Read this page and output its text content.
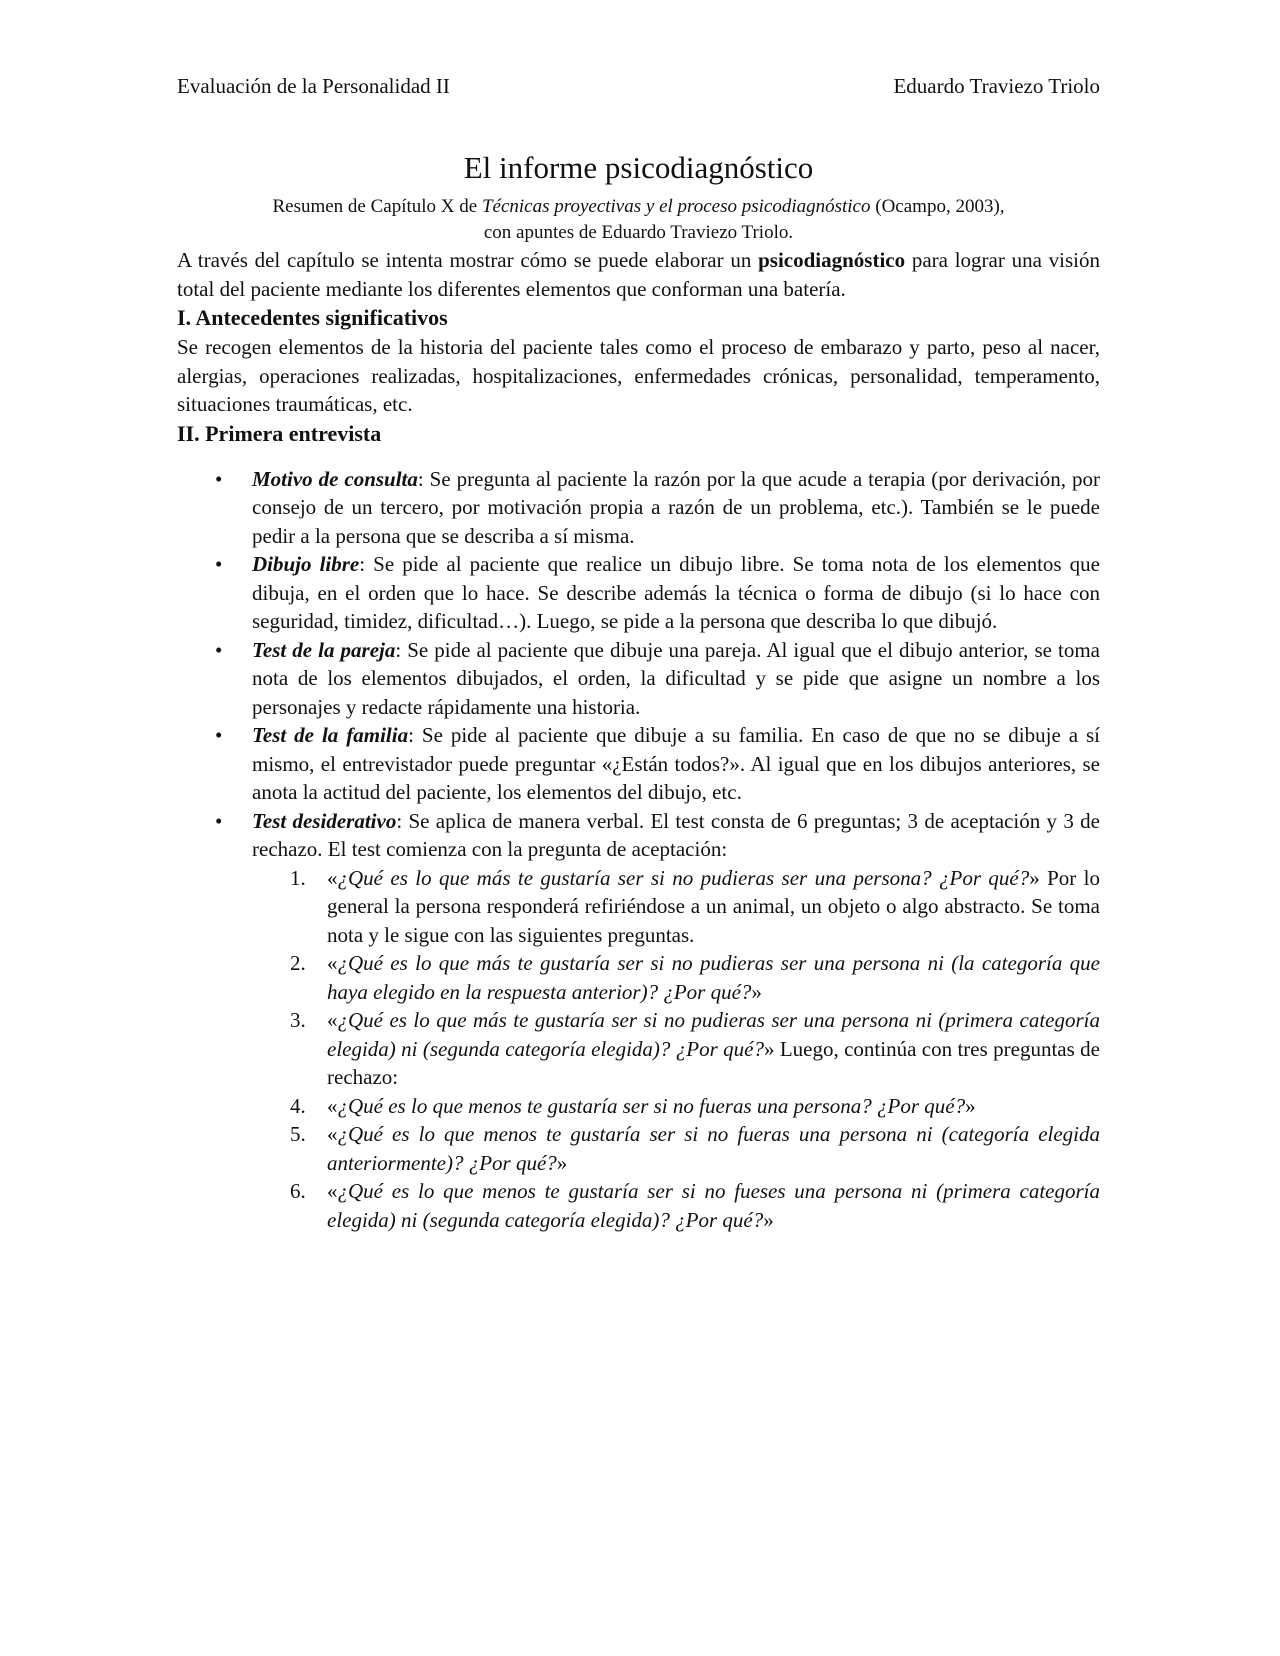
Evaluación de la Personalidad II	Eduardo Traviezo Triolo
El informe psicodiagnóstico

Resumen de Capítulo X de Técnicas proyectivas y el proceso psicodiagnóstico (Ocampo, 2003),
con apuntes de Eduardo Traviezo Triolo.

A través del capítulo se intenta mostrar cómo se puede elaborar un psicodiagnóstico para lograr una visión total del paciente mediante los diferentes elementos que conforman una batería.

I. Antecedentes significativos

Se recogen elementos de la historia del paciente tales como el proceso de embarazo y parto, peso al nacer, alergias, operaciones realizadas, hospitalizaciones, enfermedades crónicas, personalidad, temperamento, situaciones traumáticas, etc.

II. Primera entrevista
• Motivo de consulta: Se pregunta al paciente la razón por la que acude a terapia (por derivación, por consejo de un tercero, por motivación propia a razón de un problema, etc.). También se le puede pedir a la persona que se describa a sí misma.
• Dibujo libre: Se pide al paciente que realice un dibujo libre. Se toma nota de los elementos que dibuja, en el orden que lo hace. Se describe además la técnica o forma de dibujo (si lo hace con seguridad, timidez, dificultad…). Luego, se pide a la persona que describa lo que dibujó.
• Test de la pareja: Se pide al paciente que dibuje una pareja. Al igual que el dibujo anterior, se toma nota de los elementos dibujados, el orden, la dificultad y se pide que asigne un nombre a los personajes y redacte rápidamente una historia.
• Test de la familia: Se pide al paciente que dibuje a su familia. En caso de que no se dibuje a sí mismo, el entrevistador puede preguntar «¿Están todos?». Al igual que en los dibujos anteriores, se anota la actitud del paciente, los elementos del dibujo, etc.
• Test desiderativo: Se aplica de manera verbal. El test consta de 6 preguntas; 3 de aceptación y 3 de rechazo. El test comienza con la pregunta de aceptación:
1. «¿Qué es lo que más te gustaría ser si no pudieras ser una persona? ¿Por qué?» Por lo general la persona responderá refiriéndose a un animal, un objeto o algo abstracto. Se toma nota y le sigue con las siguientes preguntas.
2. «¿Qué es lo que más te gustaría ser si no pudieras ser una persona ni (la categoría que haya elegido en la respuesta anterior)? ¿Por qué?»
3. «¿Qué es lo que más te gustaría ser si no pudieras ser una persona ni (primera categoría elegida) ni (segunda categoría elegida)? ¿Por qué?» Luego, continúa con tres preguntas de rechazo:
4. «¿Qué es lo que menos te gustaría ser si no fueras una persona? ¿Por qué?»
5. «¿Qué es lo que menos te gustaría ser si no fueras una persona ni (categoría elegida anteriormente)? ¿Por qué?»
6. «¿Qué es lo que menos te gustaría ser si no fueses una persona ni (primera categoría elegida) ni (segunda categoría elegida)? ¿Por qué?»
